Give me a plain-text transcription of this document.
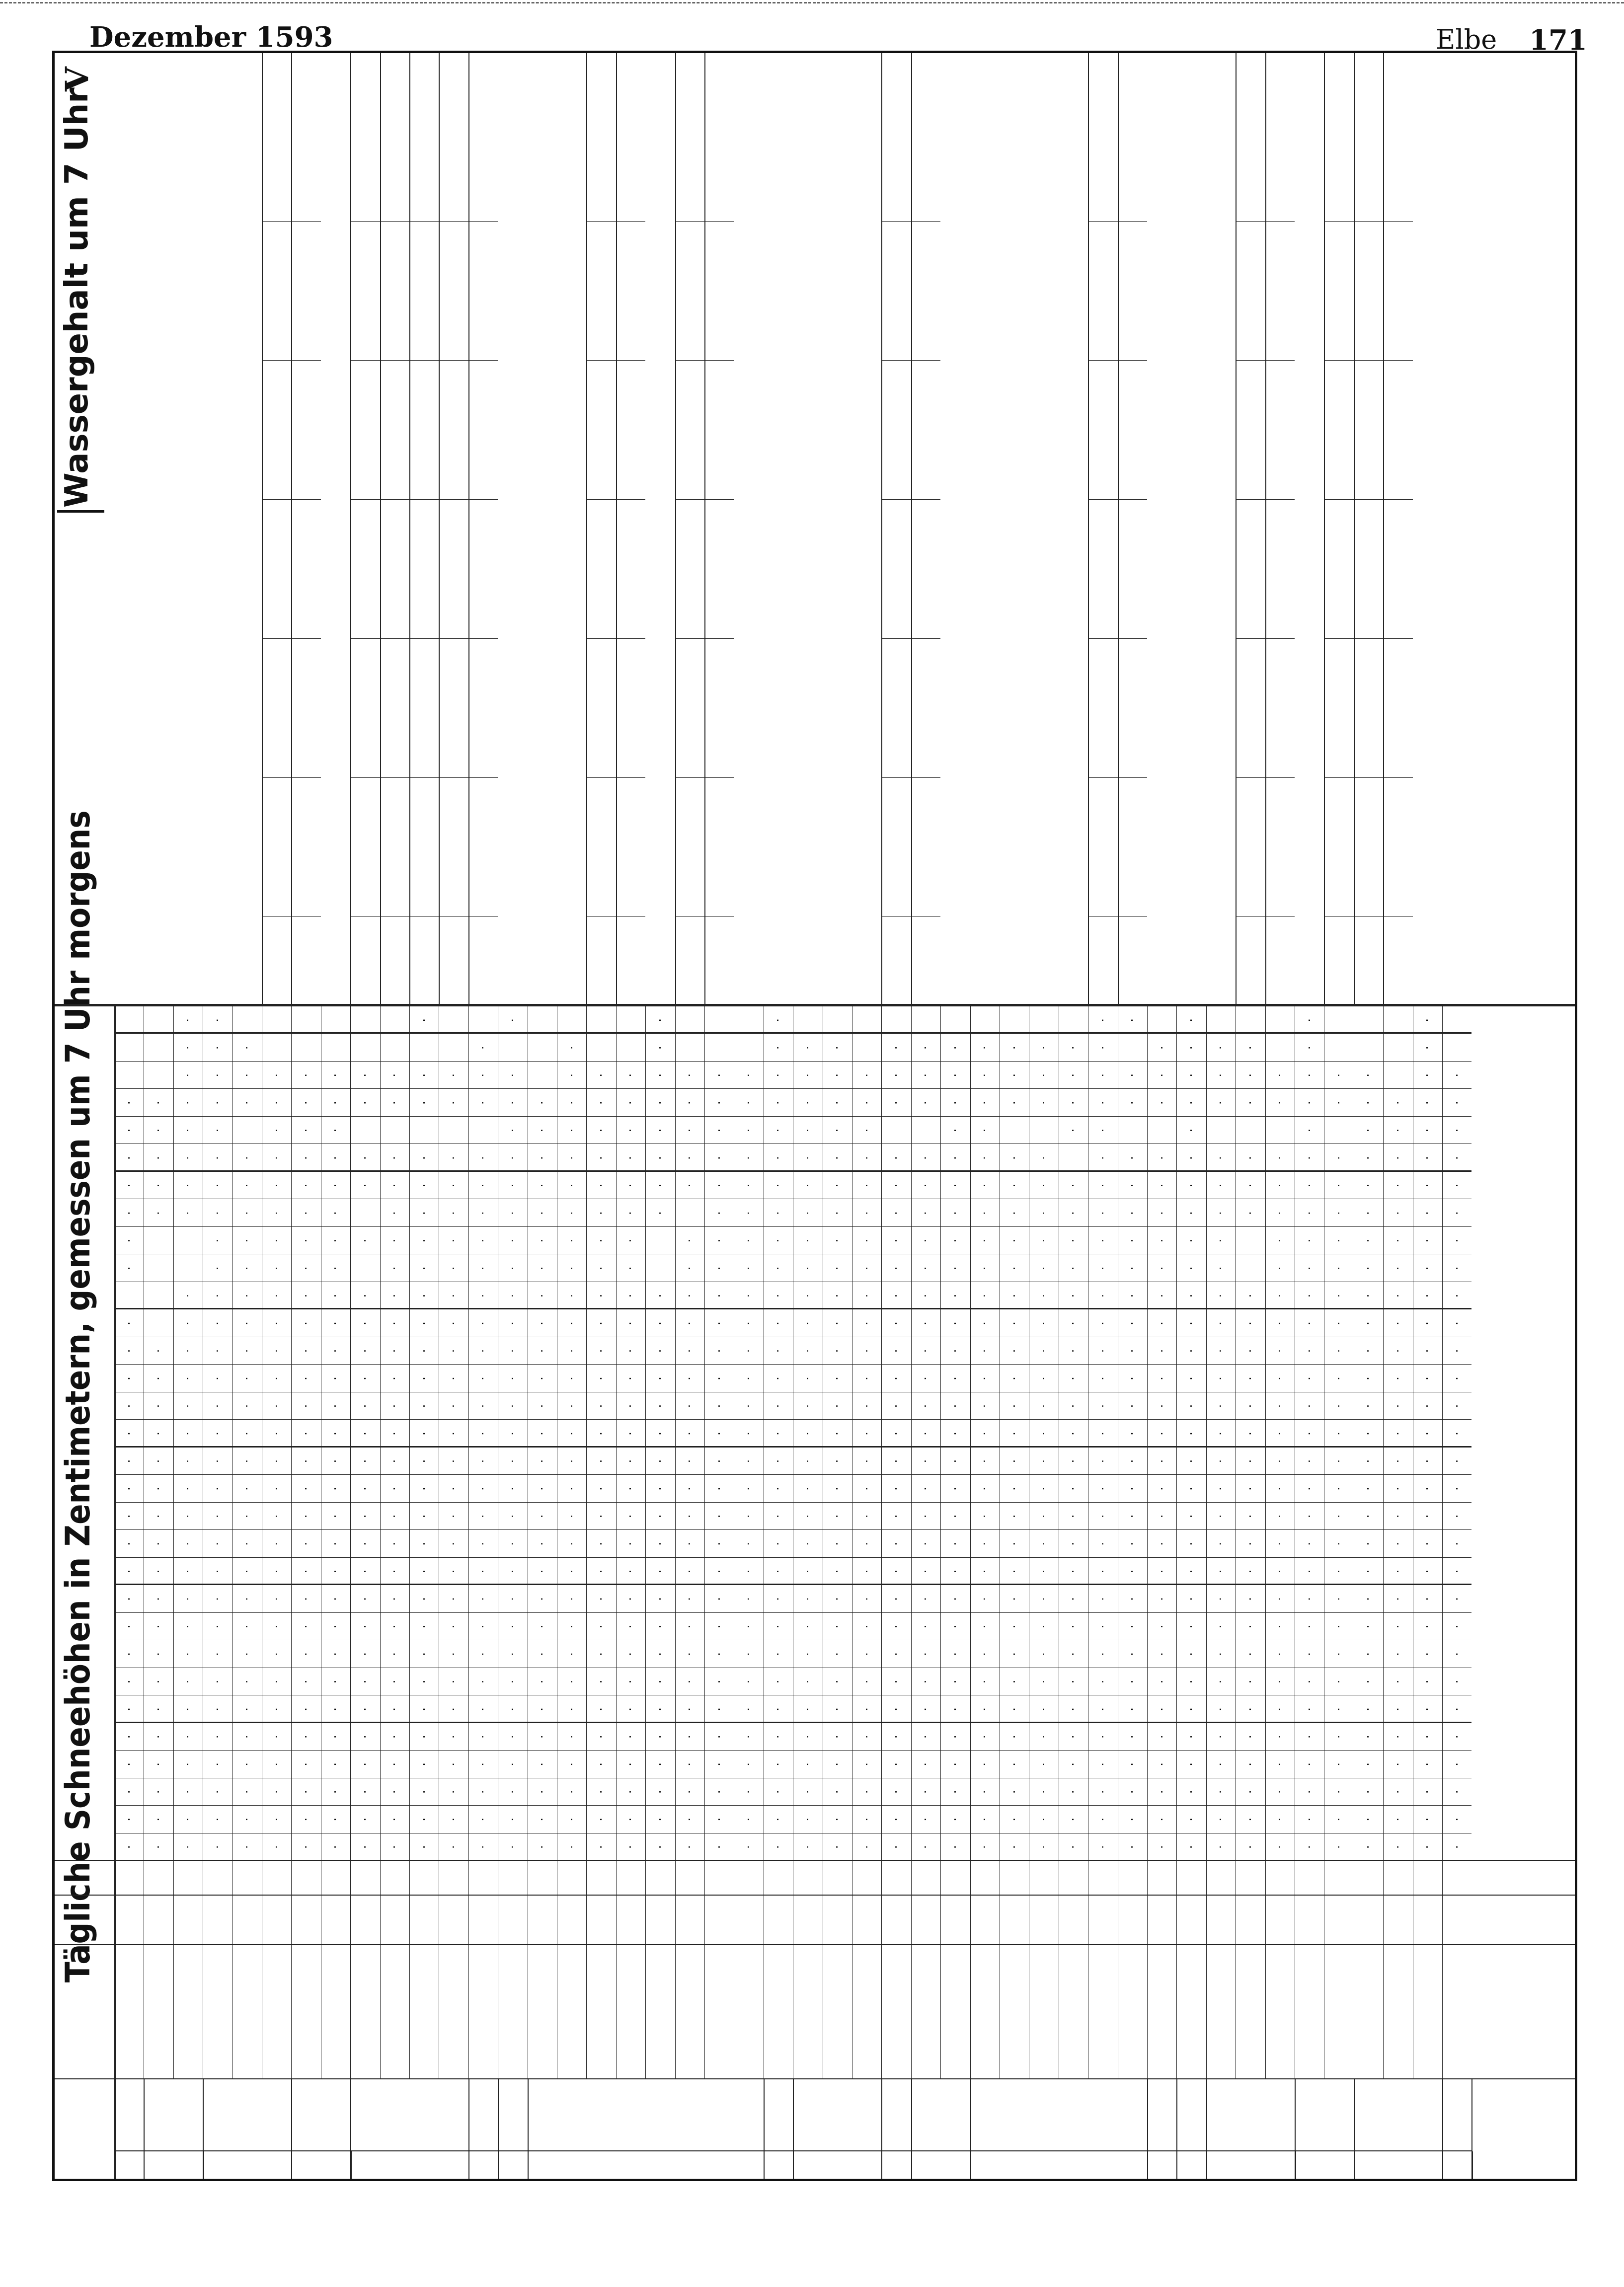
Dezember 1593	Elbe 171
Tägliche Schneehöhen in Zentimetern, gemessen um 7 Uhr morgens
Wassergehalt um 7 Uhr
V
·
·
·
·
·
·
·
·
·
·
·
·
·
·
·
·
·
·
·
·
·
·
·
·
·
·
·
·
·
·
·
·
·
·
·
·
·
·
·
·
·
·
·
·
·
·
·
·
·
·
·
·
·
·
·
·
·
·
·
·
·
·
·
·
·
·
·
·
·
·
·
·
·
·
·
·
·
·
·
·
·
·
·
·
·
·
·
·
·
·
·
·
·
·
·
·
·
·
·
·
·
·
·
·
·
·
·
·
·
·
·
·
·
·
·
·
·
·
·
·
·
·
·
·
·
·
·
·
·
·
·
·
·
·
·
·
·
·
·
·
·
·
·
·
·
·
·
·
·
·
·
·
·
·
·
·
·
·
·
·
·
·
·
·
·
·
·
·
·
·
·
·
·
·
·
·
·
·
·
·
·
·
·
·
·
·
·
·
·
·
·
·
·
·
·
·
·
·
·
·
·
·
·
·
·
·
·
·
·
·
·
·
·
·
·
·
·
·
·
·
·
·
·
·
·
·
·
·
·
·
·
·
·
·
·
·
·
·
·
·
·
·
·
·
·
·
·
·
·
·
·
·
·
·
·
·
·
·
·
·
·
·
·
·
·
·
·
·
·
·
·
·
·
·
·
·
·
·
·
·
·
·
·
·
·
·
·
·
·
·
·
·
·
·
·
·
·
·
·
·
·
·
·
·
·
·
·
·
·
·
·
·
·
·
·
·
·
·
·
·
·
·
·
·
·
·
·
·
·
·
·
·
·
·
·
·
·
·
·
·
·
·
·
·
·
·
·
·
·
·
·
·
·
·
·
·
·
·
·
·
·
·
·
·
·
·
·
·
·
·
·
·
·
·
·
·
·
·
·
·
·
·
·
·
·
·
·
·
·
·
·
·
·
·
·
·
·
·
·
·
·
·
·
·
·
·
·
·
·
·
·
·
·
·
·
·
·
·
·
·
·
·
·
·
·
·
·
·
·
·
·
·
·
·
·
·
·
·
·
·
·
·
·
·
·
·
·
·
·
·
·
·
·
·
·
·
·
·
·
·
·
·
·
·
·
·
·
·
·
·
·
·
·
·
·
·
·
·
·
·
·
·
·
·
·
·
·
·
·
·
·
·
·
·
·
·
·
·
·
·
·
·
·
·
·
·
·
·
·
·
·
·
·
·
·
·
·
·
·
·
·
·
·
·
·
·
·
·
·
·
·
·
·
·
·
·
·
·
·
·
·
·
·
·
·
·
·
·
·
·
·
·
·
·
·
·
·
·
·
·
·
·
·
·
·
·
·
·
·
·
·
·
·
·
·
·
·
·
·
·
·
·
·
·
·
·
·
·
·
·
·
·
·
·
·
·
·
·
·
·
·
·
·
·
·
·
·
·
·
·
·
·
·
·
·
·
·
·
·
·
·
·
·
·
·
·
·
·
·
·
·
·
·
·
·
·
·
·
·
·
·
·
·
·
·
·
·
·
·
·
·
·
·
·
·
·
·
·
·
·
·
·
·
·
·
·
·
·
·
·
·
·
·
·
·
·
·
·
·
·
·
·
·
·
·
·
·
·
·
·
·
·
·
·
·
·
·
·
·
·
·
·
·
·
·
·
·
·
·
·
·
·
·
·
·
·
·
·
·
·
·
·
·
·
·
·
·
·
·
·
·
·
·
·
·
·
·
·
·
·
·
·
·
·
·
·
·
·
·
·
·
·
·
·
·
·
·
·
·
·
·
·
·
·
·
·
·
·
·
·
·
·
·
·
·
·
·
·
·
·
·
·
·
·
·
·
·
·
·
·
·
·
·
·
·
·
·
·
·
·
·
·
·
·
·
·
·
·
·
·
·
·
·
·
·
·
·
·
·
·
·
·
·
·
·
·
·
·
·
·
·
·
·
·
·
·
·
·
·
·
·
·
·
·
·
·
·
·
·
·
·
·
·
·
·
·
·
·
·
·
·
·
·
·
·
·
·
·
·
·
·
·
·
·
·
·
·
·
·
·
·
·
·
·
·
·
·
·
·
·
·
·
·
·
·
·
·
·
·
·
·
·
·
·
·
·
·
·
·
·
·
·
·
·
·
·
·
·
·
·
·
·
·
·
·
·
·
·
·
·
·
·
·
·
·
·
·
·
·
·
·
·
·
·
·
·
·
·
·
·
·
·
·
·
·
·
·
·
·
·
·
·
·
·
·
·
·
·
·
·
·
·
·
·
·
·
·
·
·
·
·
·
·
·
·
·
·
·
·
·
·
·
·
·
·
·
·
·
·
·
·
·
·
·
·
·
·
·
·
·
·
·
·
·
·
·
·
·
·
·
·
·
·
·
·
·
·
·
·
·
·
·
·
·
·
·
·
·
·
·
·
·
·
·
·
·
·
·
·
·
·
·
·
·
·
·
·
·
·
·
·
·
·
·
·
·
·
·
·
·
·
·
·
·
·
·
·
·
·
·
·
·
·
·
·
·
·
·
·
·
·
·
·
·
·
·
·
·
·
·
·
·
·
·
·
·
·
·
·
·
·
·
·
·
·
·
·
·
·
·
·
·
·
·
·
·
·
·
·
·
·
·
·
·
·
·
·
·
·
·
·
·
·
·
·
·
·
·
·
·
·
·
·
·
·
·
·
·
·
·
·
·
·
·
·
·
·
·
·
·
·
·
·
·
·
·
·
·
·
·
·
·
·
·
·
·
·
·
·
·
·
·
·
·
·
·
·
·
·
·
·
·
·
·
·
·
·
·
·
·
·
·
·
·
·
·
·
·
·
·
·
·
·
·
·
·
·
·
·
·
·
·
·
·
·
·
·
·
·
·
·
·
·
·
·
·
·
·
·
·
·
·
·
·
·
·
·
·
·
·
·
·
·
·
·
·
·
·
·
·
·
·
·
·
·
·
·
·
·
·
·
·
·
·
·
·
·
·
·
·
·
·
·
·
·
·
·
·
·
·
·
·
·
·
·
·
·
·
·
·
·
·
·
·
·
·
·
·
·
·
·
·
·
·
·
·
·
·
·
·
·
·
·
